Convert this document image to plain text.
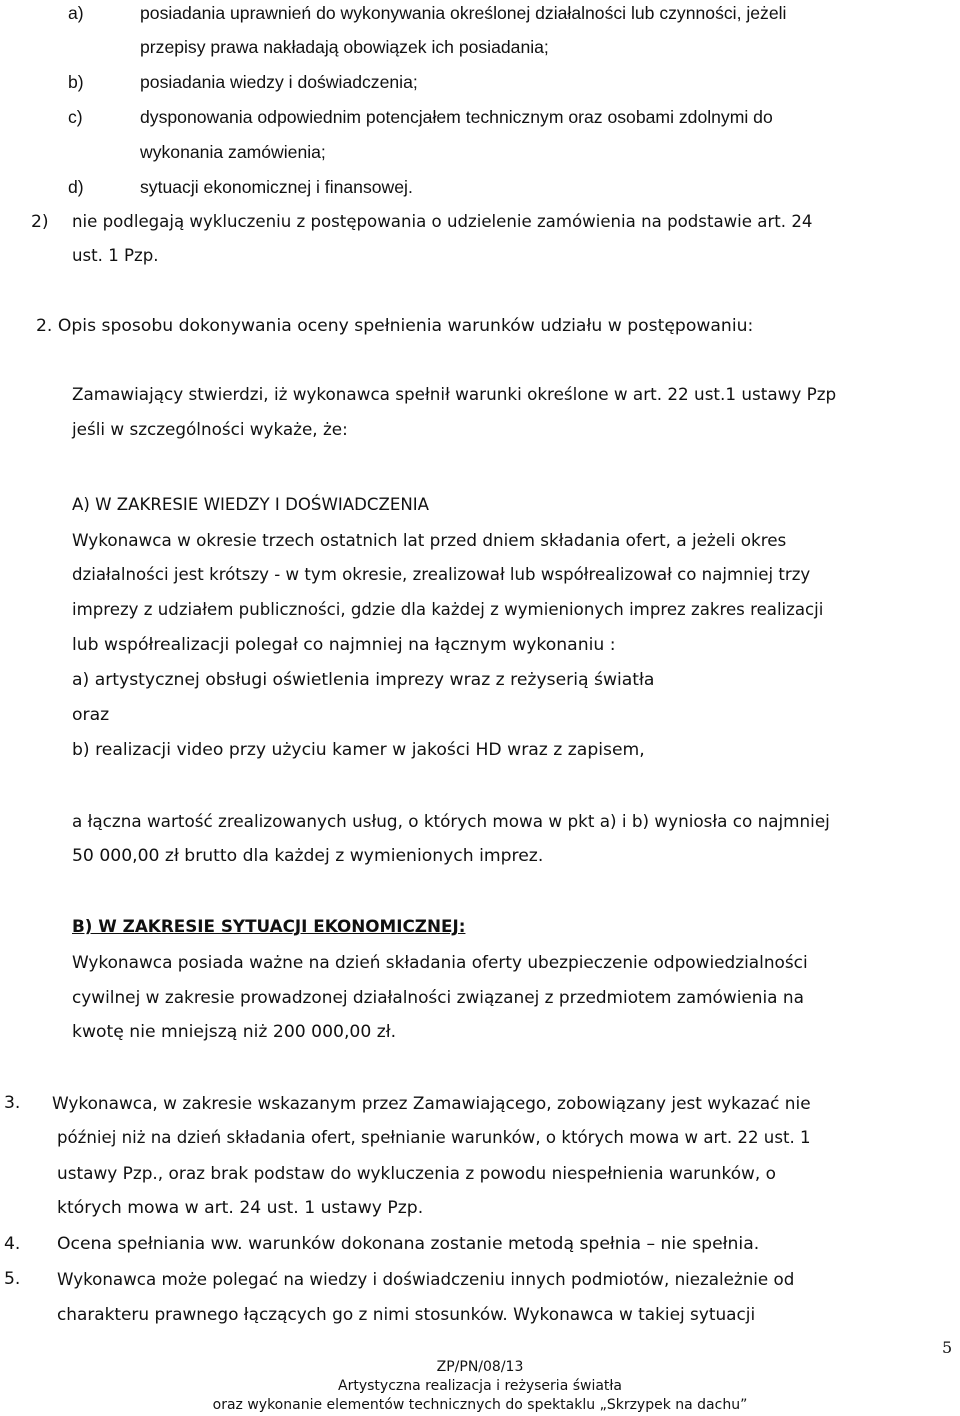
a)	posiadania uprawnień do wykonywania określonej działalności lub czynności, jeżeli
przepisy prawa nakładają obowiązek ich posiadania;
b)	posiadania wiedzy i doświadczenia;
c)	dysponowania odpowiednim potencjałem technicznym oraz osobami zdolnymi do
wykonania zamówienia;
d)	sytuacji ekonomicznej i finansowej.
2) nie podlegają wykluczeniu z postępowania o udzielenie zamówienia na podstawie art. 24
ust. 1 Pzp.
2. Opis sposobu dokonywania oceny spełnienia warunków udziału w postępowaniu:
Zamawiający stwierdzi, iż wykonawca spełnił warunki określone w art. 22 ust.1 ustawy Pzp
jeśli w szczególności wykaże, że:
A) W ZAKRESIE WIEDZY I DOŚWIADCZENIA
Wykonawca w okresie trzech ostatnich lat przed dniem składania ofert, a jeżeli okres
działalności jest krótszy - w tym okresie, zrealizował lub współrealizował co najmniej trzy
imprezy z udziałem publiczności, gdzie dla każdej z wymienionych imprez zakres realizacji
lub współrealizacji polegał co najmniej na łącznym wykonaniu :
a) artystycznej obsługi oświetlenia imprezy wraz z reżyserią światła
oraz
b) realizacji video przy użyciu kamer w jakości HD wraz z zapisem,
a łączna wartość zrealizowanych usług, o których mowa w pkt a) i b) wyniosła co najmniej
50 000,00 zł brutto dla każdej z wymienionych imprez.
B) W ZAKRESIE SYTUACJI EKONOMICZNEJ:
Wykonawca posiada ważne na dzień składania oferty ubezpieczenie odpowiedzialności
cywilnej w zakresie prowadzonej działalności związanej z przedmiotem zamówienia na
kwotę nie mniejszą niż 200 000,00 zł.
3. Wykonawca, w zakresie wskazanym przez Zamawiającego, zobowiązany jest wykazać nie
później niż na dzień składania ofert, spełnianie warunków, o których mowa w art. 22 ust. 1
ustawy Pzp., oraz brak podstaw do wykluczenia z powodu niespełnienia warunków, o
których mowa w art. 24 ust. 1 ustawy Pzp.
4. Ocena spełniania ww. warunków dokonana zostanie metodą spełnia – nie spełnia.
5. Wykonawca może polegać na wiedzy i doświadczeniu innych podmiotów, niezależnie od
charakteru prawnego łączących go z nimi stosunków. Wykonawca w takiej sytuacji
5
ZP/PN/08/13
Artystyczna realizacja i reżyseria światła
oraz wykonanie elementów technicznych do spektaklu „Skrzypek na dachu”
